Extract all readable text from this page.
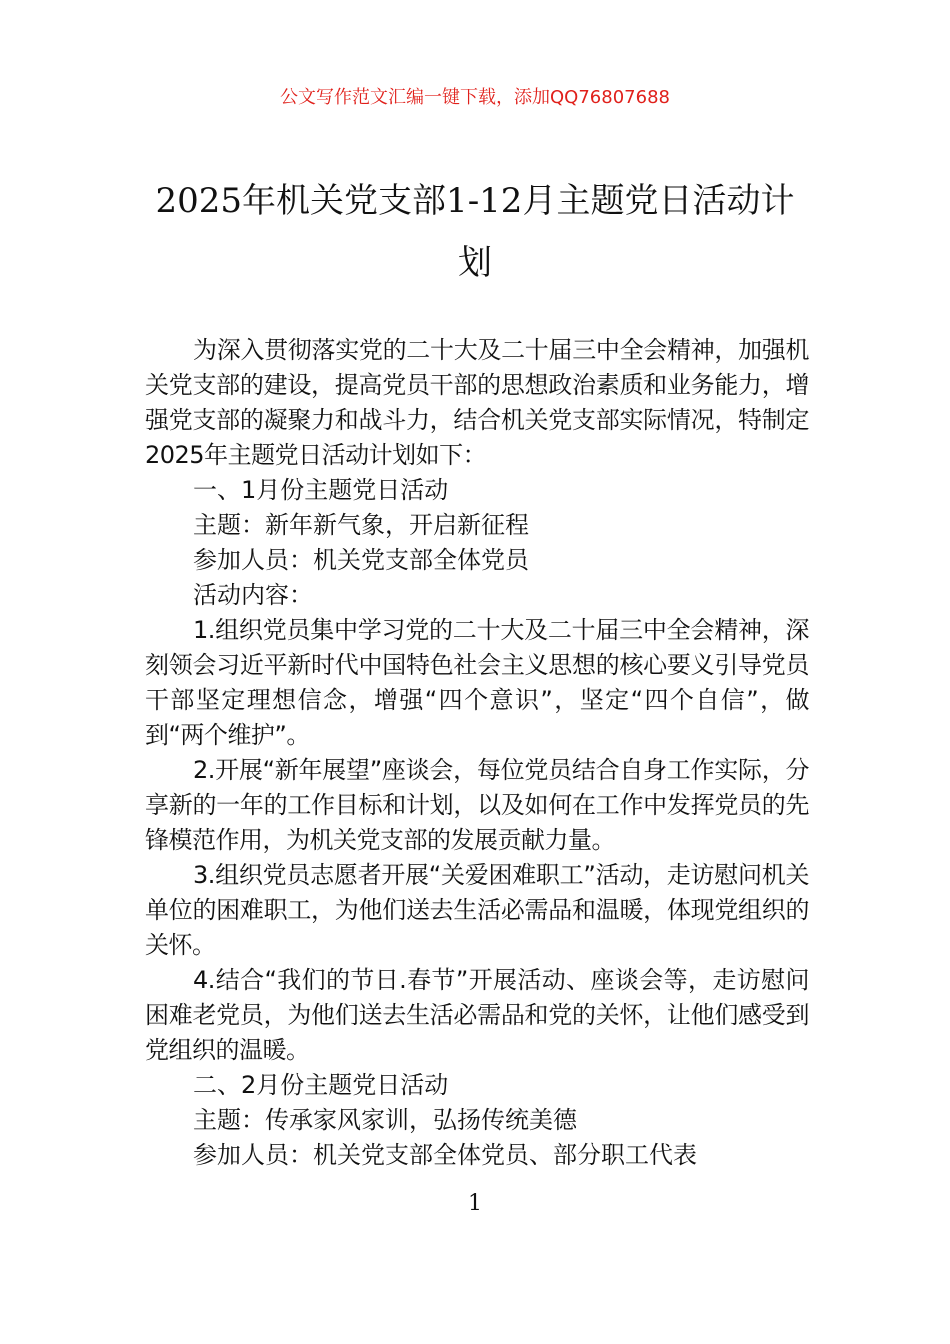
公文写作范文汇编一键下载，添加QQ76807688
2025年机关党支部1-12月主题党日活动计划

为深入贯彻落实党的二十大及二十届三中全会精神，加强机关党支部的建设，提高党员干部的思想政治素质和业务能力，增强党支部的凝聚力和战斗力，结合机关党支部实际情况，特制定2025年主题党日活动计划如下：

一、1月份主题党日活动

主题：新年新气象，开启新征程

参加人员：机关党支部全体党员

活动内容：

1.组织党员集中学习党的二十大及二十届三中全会精神，深刻领会习近平新时代中国特色社会主义思想的核心要义引导党员干部坚定理想信念，增强“四个意识”，坚定“四个自信”，做到“两个维护”。

2.开展“新年展望”座谈会，每位党员结合自身工作实际，分享新的一年的工作目标和计划，以及如何在工作中发挥党员的先锋模范作用，为机关党支部的发展贡献力量。

3.组织党员志愿者开展“关爱困难职工”活动，走访慰问机关单位的困难职工，为他们送去生活必需品和温暖，体现党组织的关怀。

4.结合“我们的节日.春节”开展活动、座谈会等，走访慰问困难老党员，为他们送去生活必需品和党的关怀，让他们感受到党组织的温暖。

二、2月份主题党日活动

主题：传承家风家训，弘扬传统美德

参加人员：机关党支部全体党员、部分职工代表

1
